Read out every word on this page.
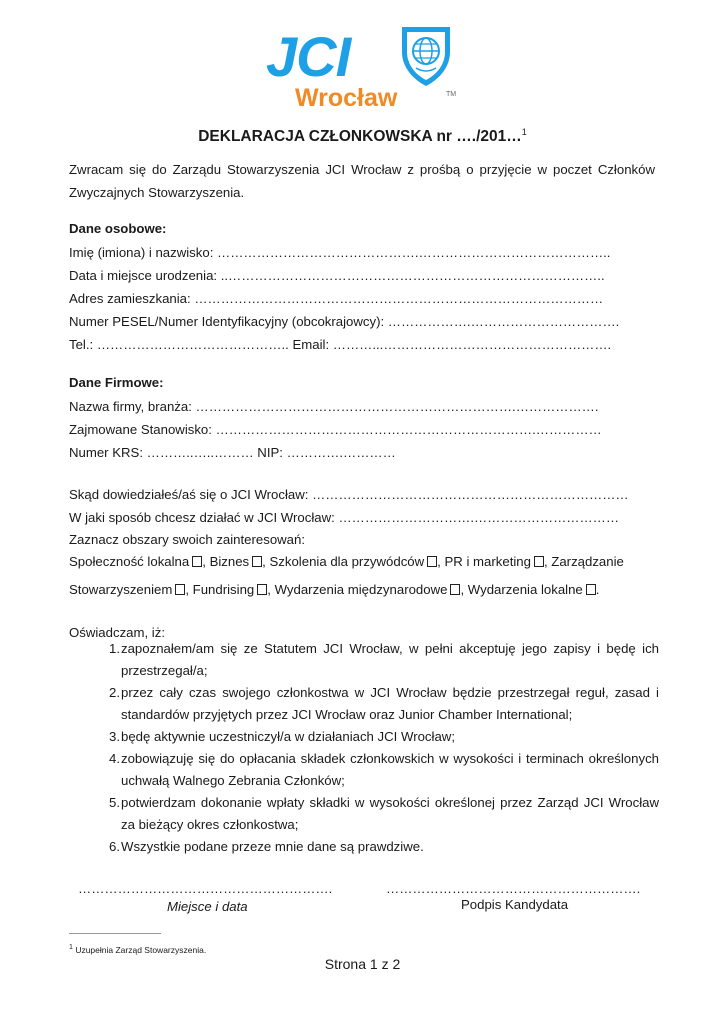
JCI
TM
Wrocław
DEKLARACJA CZŁONKOWSKA nr …./201…$^1$
Zwracam się do Zarządu Stowarzyszenia JCI Wrocław z prośbą o przyjęcie w poczet Członków Zwyczajnych Stowarzyszenia.
Dane osobowe:
Imię (imiona) i nazwisko: ……………………………………….……………………………………..
Data i miejsce urodzenia: ..…………………………………………………………………………..
Adres zamieszkania: …………………………………………………………………………………
Numer PESEL/Numer Identyfikacyjny (obcokrajowcy): ……………….…………………………….
Tel.: …………………………………….. Email: ………...…………………………………………….
Dane Firmowe:
Nazwa firmy, branża: ……………………………………………………………….……………….
Zajmowane Stanowisko: ……………………………………………………………….……………
Numer KRS: ………..…..……… NIP: ………….…………
Skąd dowiedziałeś/aś się o JCI Wrocław: ………………………………………………………………
W jaki sposób chcesz działać w JCI Wrocław: ………………………….……………………………
Zaznacz obszary swoich zainteresowań:
Społeczność lokalna , Biznes , Szkolenia dla przywódców , PR i marketing , Zarządzanie
Stowarzyszeniem , Fundrising , Wydarzenia międzynarodowe , Wydarzenia lokalne .
Oświadczam, iż:
1. zapoznałem/am się ze Statutem JCI Wrocław, w pełni akceptuję jego zapisy i będę ich przestrzegał/a;
2. przez cały czas swojego członkostwa w JCI Wrocław będzie przestrzegał reguł, zasad i standardów przyjętych przez JCI Wrocław oraz Junior Chamber International;
3. będę aktywnie uczestniczył/a w działaniach JCI Wrocław;
4. zobowiązuję się do opłacania składek członkowskich w wysokości i terminach określonych uchwałą Walnego Zebrania Członków;
5. potwierdzam dokonanie wpłaty składki w wysokości określonej przez Zarząd JCI Wrocław za bieżący okres członkostwa;
6. Wszystkie podane przeze mnie dane są prawdziwe.
………………………………………………….
Miejsce i data
………………………………………………….
Podpis Kandydata
$^1$ Uzupełnia Zarząd Stowarzyszenia.
Strona 1 z 2
